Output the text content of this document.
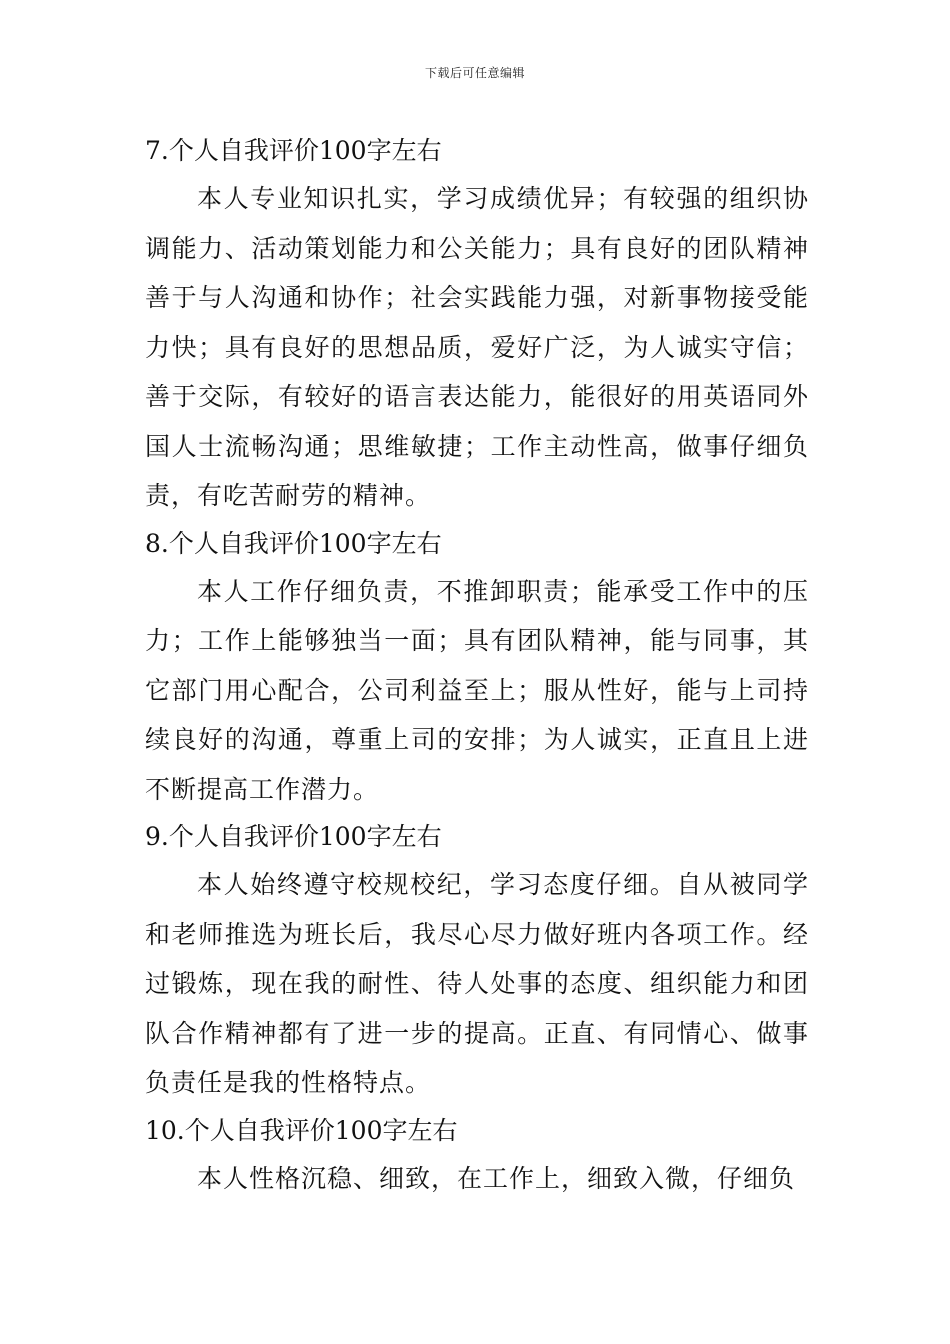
下载后可任意编辑

7.个人自我评价100字左右

本人专业知识扎实，学习成绩优异；有较强的组织协调能力、活动策划能力和公关能力；具有良好的团队精神善于与人沟通和协作；社会实践能力强，对新事物接受能力快；具有良好的思想品质，爱好广泛，为人诚实守信；善于交际，有较好的语言表达能力，能很好的用英语同外国人士流畅沟通；思维敏捷；工作主动性高，做事仔细负责，有吃苦耐劳的精神。

8.个人自我评价100字左右

本人工作仔细负责，不推卸职责；能承受工作中的压力；工作上能够独当一面；具有团队精神，能与同事，其它部门用心配合，公司利益至上；服从性好，能与上司持续良好的沟通，尊重上司的安排；为人诚实，正直且上进不断提高工作潜力。

9.个人自我评价100字左右

本人始终遵守校规校纪，学习态度仔细。自从被同学和老师推选为班长后，我尽心尽力做好班内各项工作。经过锻炼，现在我的耐性、待人处事的态度、组织能力和团队合作精神都有了进一步的提高。正直、有同情心、做事负责任是我的性格特点。

10.个人自我评价100字左右

本人性格沉稳、细致，在工作上，细致入微，仔细负
